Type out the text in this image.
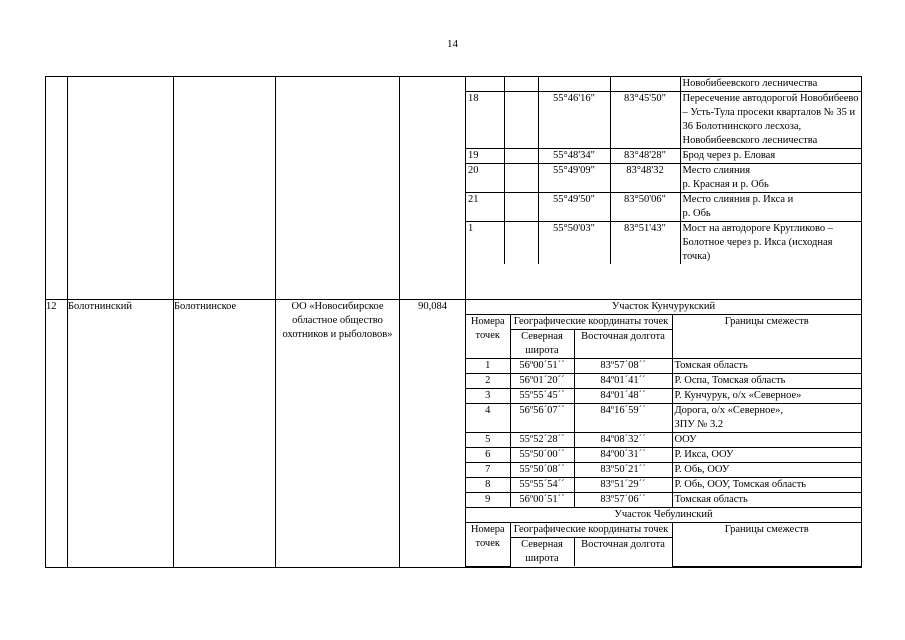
14

				Новобибеевского лесничества
18		55°46'16"	83°45'50"	Пересечение автодорогой Новобибеево – Усть-Тула просеки кварталов № 35 и 36 Болотнинского лесхоза, Новобибеевского лесничества
19		55°48'34"	83°48'28"	Брод через р. Еловая
20		55°49'09"	83°48'32	Место слияния
р. Красная и р. Обь
21		55°49'50"	83°50'06"	Место слияния р. Икса и
р. Обь
1		55°50'03"	83°51'43"	Мост на автодороге Кругликово – Болотное через р. Икса (исходная точка)

12	Болотнинский	Болотнинское	ОО «Новосибирское областное общество охотников и рыболовов»	90,084		Участок Кунчурукский
Номера точек	Географические координаты точек	Границы смежеств
Северная широта	Восточная долгота
1	56º00´51´´	83º57´08´´	Томская область
2	56º01´20´´	84º01´41´´	Р. Оспа, Томская область
3	55º55´45´´	84º01´48´´	Р. Кунчурук, о/х «Северное»
4	56º56´07´´	84º16´59´´	Дорога, о/х «Северное»,
ЗПУ № 3.2
5	55º52´28´´	84º08´32´´	ООУ
6	55º50´00´´	84º00´31´´	Р. Икса, ООУ
7	55º50´08´´	83º50´21´´	Р. Обь, ООУ
8	55º55´54´´	83º51´29´´	Р. Обь, ООУ, Томская область
9	56º00´51´´	83º57´06´´	Томская область
Участок Чебулинский
Номера точек	Географические координаты точек	Границы смежеств
Северная широта	Восточная долгота
